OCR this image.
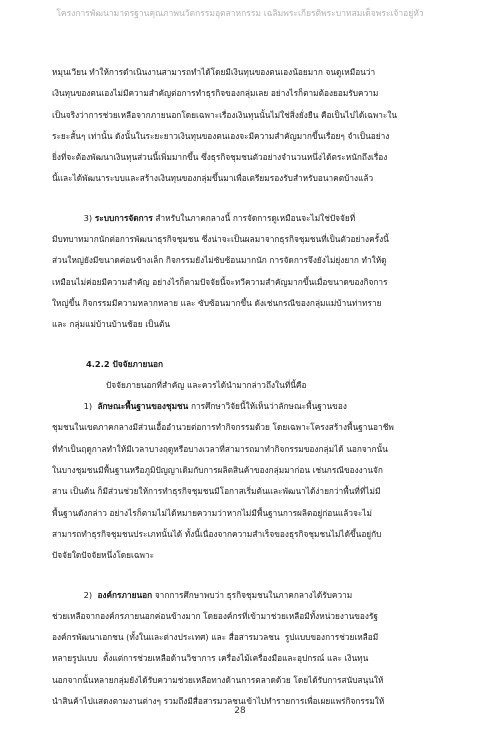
โครงการพัฒนามาตรฐานคุณภาพนวัตกรรมอุตสาหกรรม เฉลิมพระเกียรติพระบาทสมเด็จพระเจ้าอยู่หัว
หมุนเวียน ทำให้การดำเนินงานสามารถทำได้โดยมีเงินทุนของตนเองน้อยมาก จนดูเหมือนว่า
เงินทุนของตนเองไม่มีความสำคัญต่อการทำธุรกิจของกลุ่มเลย อย่างไรก็ตามต้องยอมรับความ
เป็นจริงว่าการช่วยเหลือจากภายนอกโดยเฉพาะเรื่องเงินทุนนั้นไม่ใช่สิ่งยั่งยืน คือเป็นไปได้เฉพาะใน
ระยะสั้นๆ เท่านั้น ดังนั้นในระยะยาวเงินทุนของตนเองจะมีความสำคัญมากขึ้นเรื่อยๆ จำเป็นอย่าง
ยิ่งที่จะต้องพัฒนาเงินทุนส่วนนี้เพิ่มมากขึ้น ซึ่งธุรกิจชุมชนตัวอย่างจำนวนหนึ่งได้ตระหนักถึงเรื่อง
นี้และได้พัฒนาระบบและสร้างเงินทุนของกลุ่มขึ้นมาเพื่อเตรียมรองรับสำหรับอนาคตบ้างแล้ว
3) ระบบการจัดการ สำหรับในภาคกลางนี้ การจัดการดูเหมือนจะไม่ใช่ปัจจัยที่
มีบทบาทมากนักต่อการพัฒนาธุรกิจชุมชน ซึ่งน่าจะเป็นผลมาจากธุรกิจชุมชนที่เป็นตัวอย่างครั้งนี้
ส่วนใหญ่ยังมีขนาดค่อนข้างเล็ก กิจกรรมยังไม่ซับซ้อนมากนัก การจัดการจึงยังไม่ยุ่งยาก ทำให้ดู
เหมือนไม่ค่อยมีความสำคัญ อย่างไรก็ตามปัจจัยนี้จะทวีความสำคัญมากขึ้นเมื่อขนาดของกิจการ
ใหญ่ขึ้น กิจกรรมมีความหลากหลาย และ ซับซ้อนมากขึ้น ดังเช่นกรณีของกลุ่มแม่บ้านท่าทราย
และ กลุ่มแม่บ้านบ้านช้อย เป็นต้น
4.2.2 ปัจจัยภายนอก
ปัจจัยภายนอกที่สำคัญ และควรได้นำมากล่าวถึงในที่นี้คือ
1)  ลักษณะพื้นฐานของชุมชน การศึกษาวิจัยนี้ให้เห็นว่าลักษณะพื้นฐานของ
ชุมชนในเขตภาคกลางมีส่วนเอื้ออำนวยต่อการทำกิจกรรมด้วย โดยเฉพาะโครงสร้างพื้นฐานอาชีพ
ที่ทำเป็นฤดูกาลทำให้มีเวลาบางฤดูหรือบางเวลาที่สามารถมาทำกิจกรรมของกลุ่มได้ นอกจากนั้น
ในบางชุมชนมีพื้นฐานหรือภูมิปัญญาเดิมกับการผลิตสินค้าของกลุ่มมาก่อน เช่นกรณีของงานจัก
สาน เป็นต้น ก็มีส่วนช่วยให้การทำธุรกิจชุมชนมีโอกาสเริ่มต้นและพัฒนาได้ง่ายกว่าพื้นที่ที่ไม่มี
พื้นฐานดังกล่าว อย่างไรก็ตามไม่ได้หมายความว่าหากไม่มีพื้นฐานการผลิตอยู่ก่อนแล้วจะไม่
สามารถทำธุรกิจชุมชนประเภทนั้นได้ ทั้งนี้เนื่องจากความสำเร็จของธุรกิจชุมชนไม่ได้ขึ้นอยู่กับ
ปัจจัยใดปัจจัยหนึ่งโดยเฉพาะ
2)  องค์กรภายนอก จากการศึกษาพบว่า ธุรกิจชุมชนในภาคกลางได้รับความ
ช่วยเหลือจากองค์กรภายนอกค่อนข้างมาก โดยองค์กรที่เข้ามาช่วยเหลือมีทั้งหน่วยงานของรัฐ
องค์กรพัฒนาเอกชน (ทั้งในและต่างประเทศ) และ สื่อสารมวลชน  รูปแบบของการช่วยเหลือมี
หลายรูปแบบ  ตั้งแต่การช่วยเหลือด้านวิชาการ เครื่องไม้เครื่องมือและอุปกรณ์ และ เงินทุน
นอกจากนั้นหลายกลุ่มยังได้รับความช่วยเหลือทางด้านการตลาดด้วย โดยได้รับการสนับสนุนให้
นำสินค้าไปแสดงตามงานต่างๆ รวมถึงมีสื่อสารมวลชนเข้าไปทำรายการเพื่อเผยแพร่กิจกรรมให้
28
